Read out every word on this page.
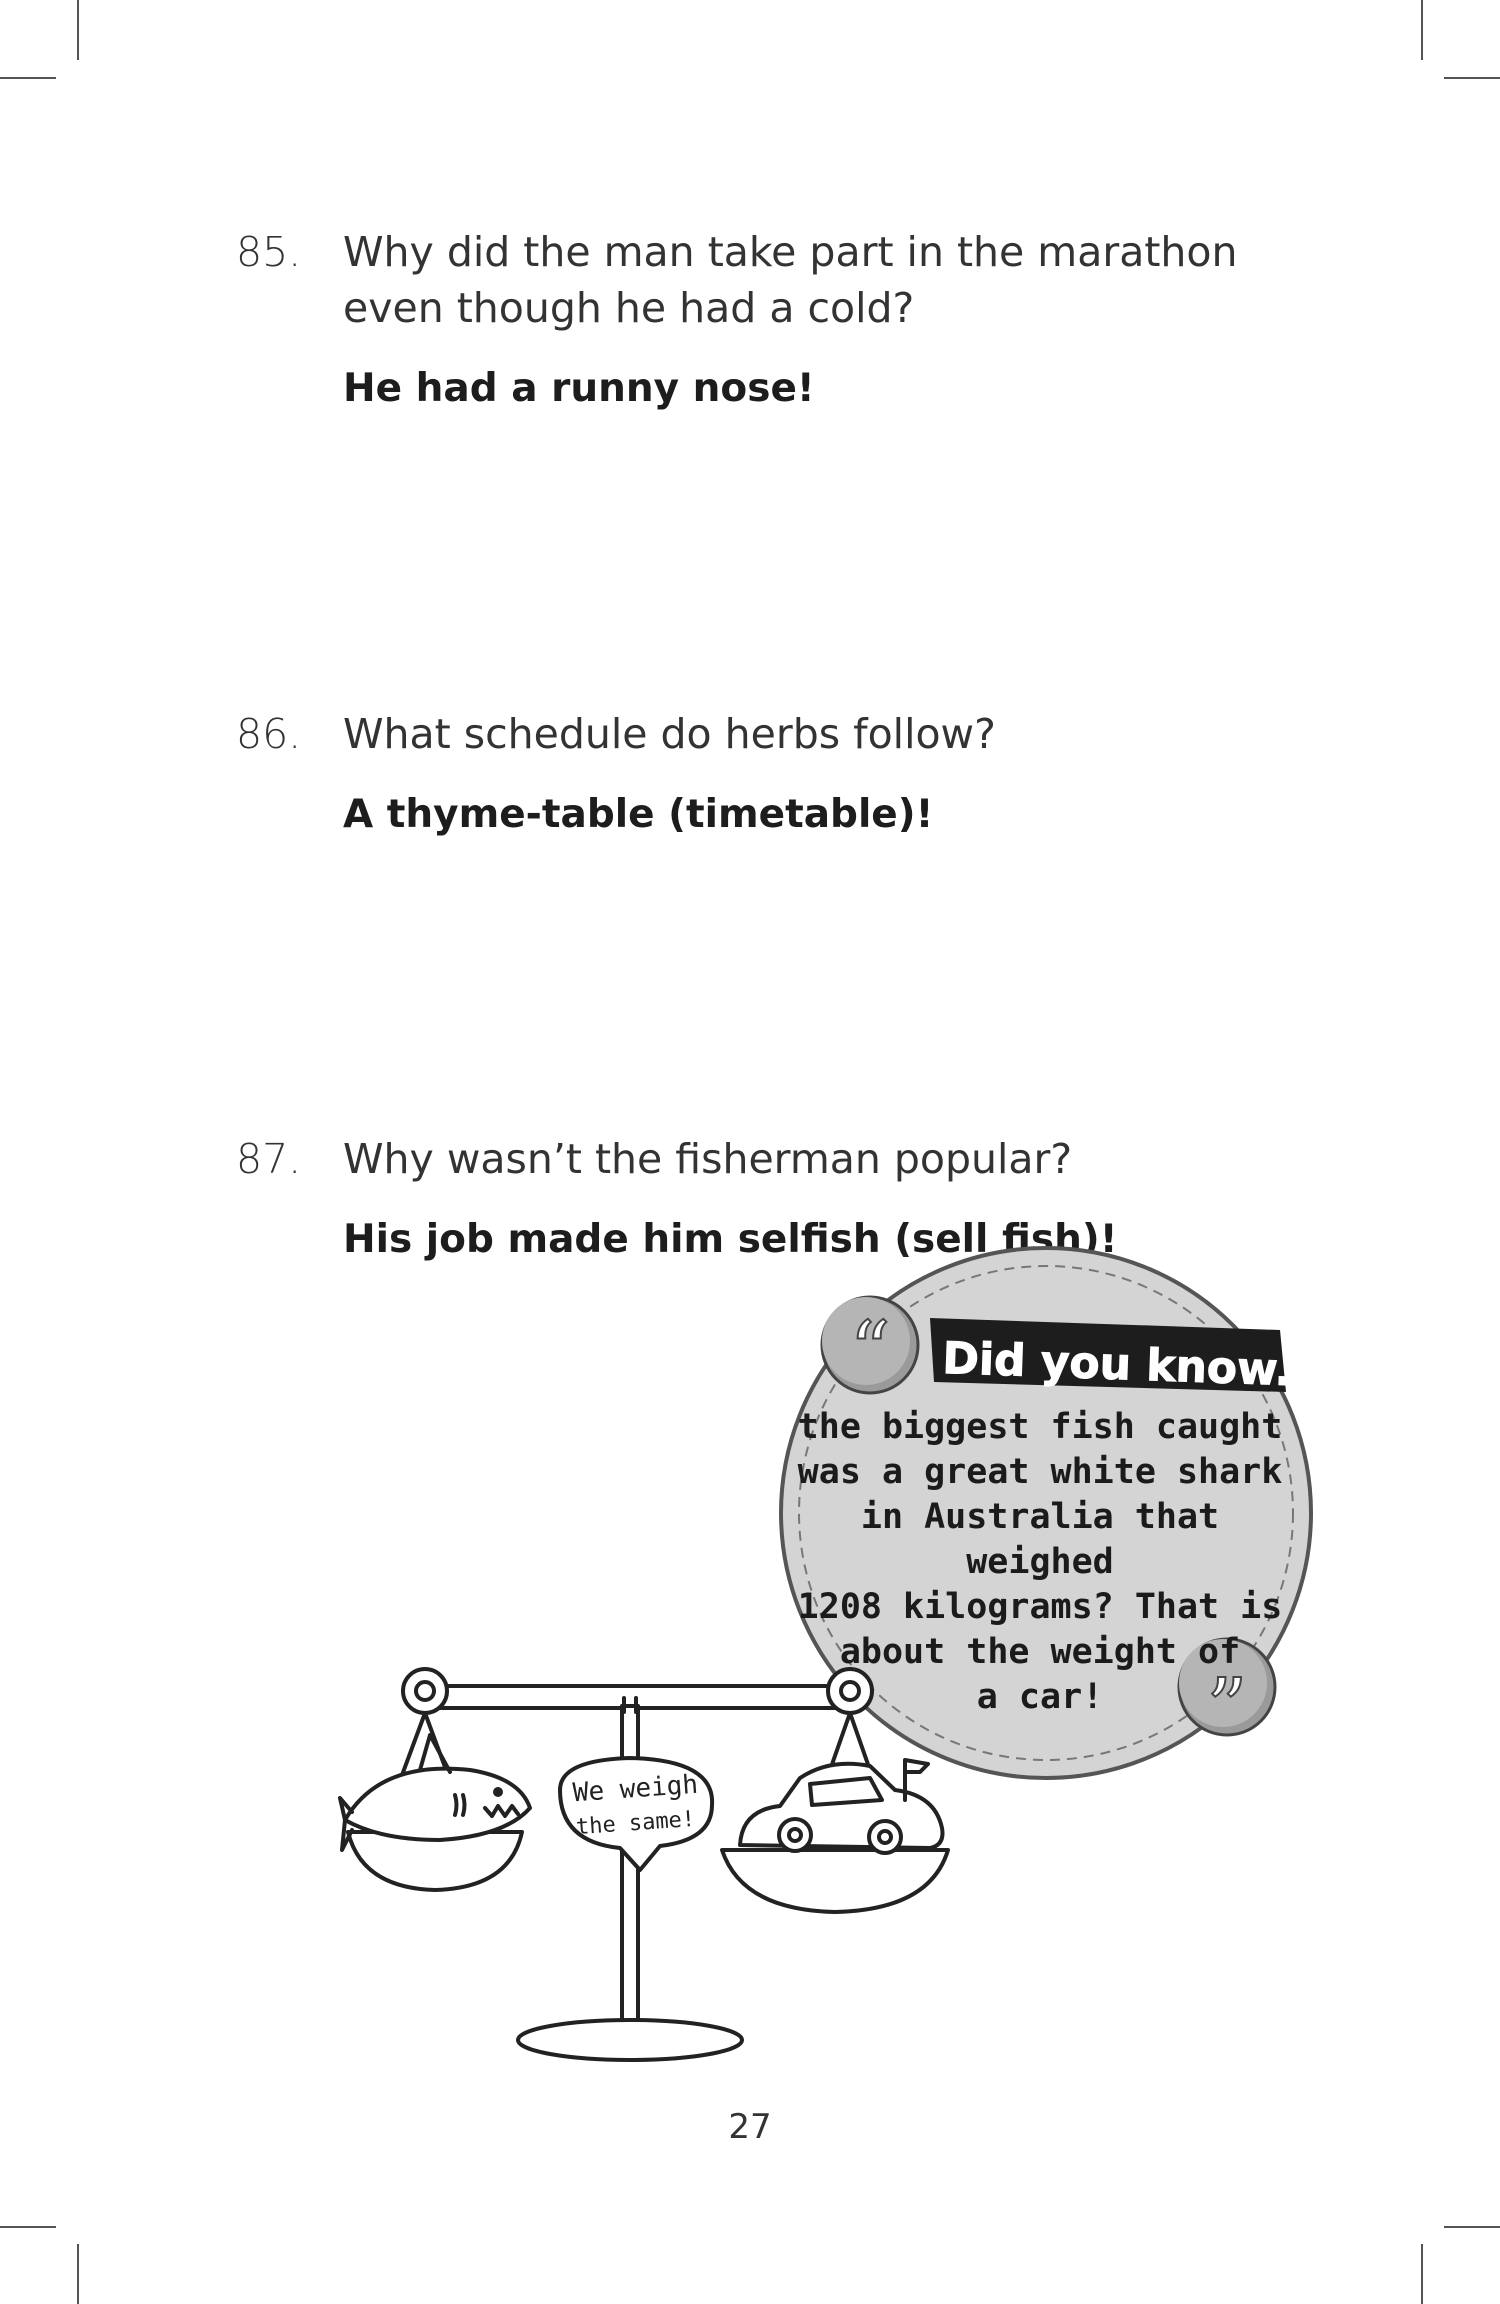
85. Why did the man take part in the marathon
even though he had a cold?
He had a runny nose!
86. What schedule do herbs follow?
A thyme-table (timetable)!
87. Why wasn’t the fisherman popular?
His job made him selfish (sell fish)!
Did you know...
“
”
We weigh
the same!
the biggest fish caught
was a great white shark
in Australia that weighed
1208 kilograms? That is
about the weight of
a car!
27
